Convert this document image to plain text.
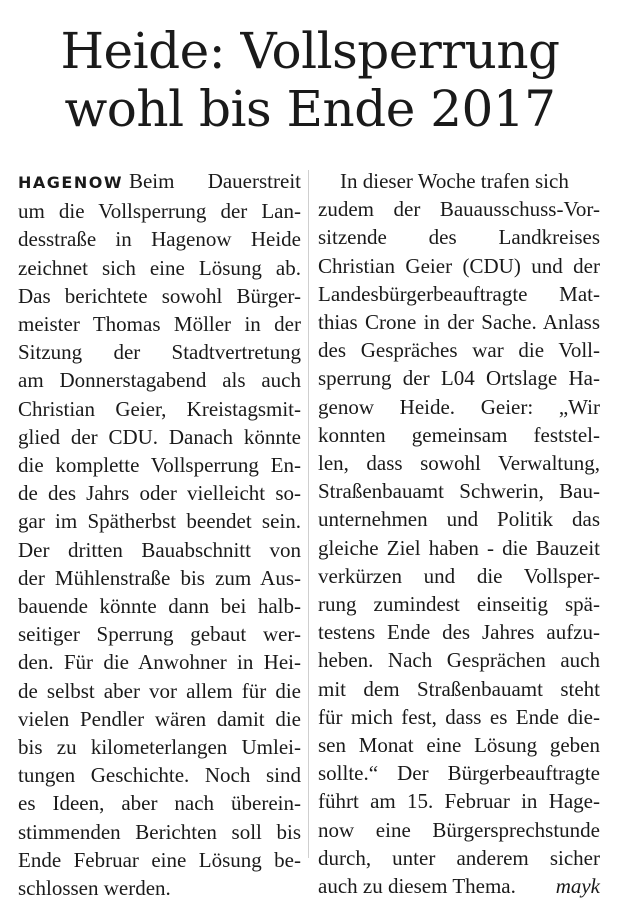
Heide: Vollsperrung
wohl bis Ende 2017
HAGENOW Beim Dauerstreit
um die Vollsperrung der Lan-
desstraße in Hagenow Heide
zeichnet sich eine Lösung ab.
Das berichtete sowohl Bürger-
meister Thomas Möller in der
Sitzung der Stadtvertretung
am Donnerstagabend als auch
Christian Geier, Kreistagsmit-
glied der CDU. Danach könnte
die komplette Vollsperrung En-
de des Jahrs oder vielleicht so-
gar im Spätherbst beendet sein.
Der dritten Bauabschnitt von
der Mühlenstraße bis zum Aus-
bauende könnte dann bei halb-
seitiger Sperrung gebaut wer-
den. Für die Anwohner in Hei-
de selbst aber vor allem für die
vielen Pendler wären damit die
bis zu kilometerlangen Umlei-
tungen Geschichte. Noch sind
es Ideen, aber nach überein-
stimmenden Berichten soll bis
Ende Februar eine Lösung be-
schlossen werden.
In dieser Woche trafen sich
zudem der Bauausschuss-Vor-
sitzende des Landkreises
Christian Geier (CDU) und der
Landesbürgerbeauftragte Mat-
thias Crone in der Sache. Anlass
des Gespräches war die Voll-
sperrung der L04 Ortslage Ha-
genow Heide. Geier: „Wir
konnten gemeinsam feststel-
len, dass sowohl Verwaltung,
Straßenbauamt Schwerin, Bau-
unternehmen und Politik das
gleiche Ziel haben - die Bauzeit
verkürzen und die Vollsper-
rung zumindest einseitig spä-
testens Ende des Jahres aufzu-
heben. Nach Gesprächen auch
mit dem Straßenbauamt steht
für mich fest, dass es Ende die-
sen Monat eine Lösung geben
sollte.“ Der Bürgerbeauftragte
führt am 15. Februar in Hage-
now eine Bürgersprechstunde
durch, unter anderem sicher
auch zu diesem Thema. mayk
